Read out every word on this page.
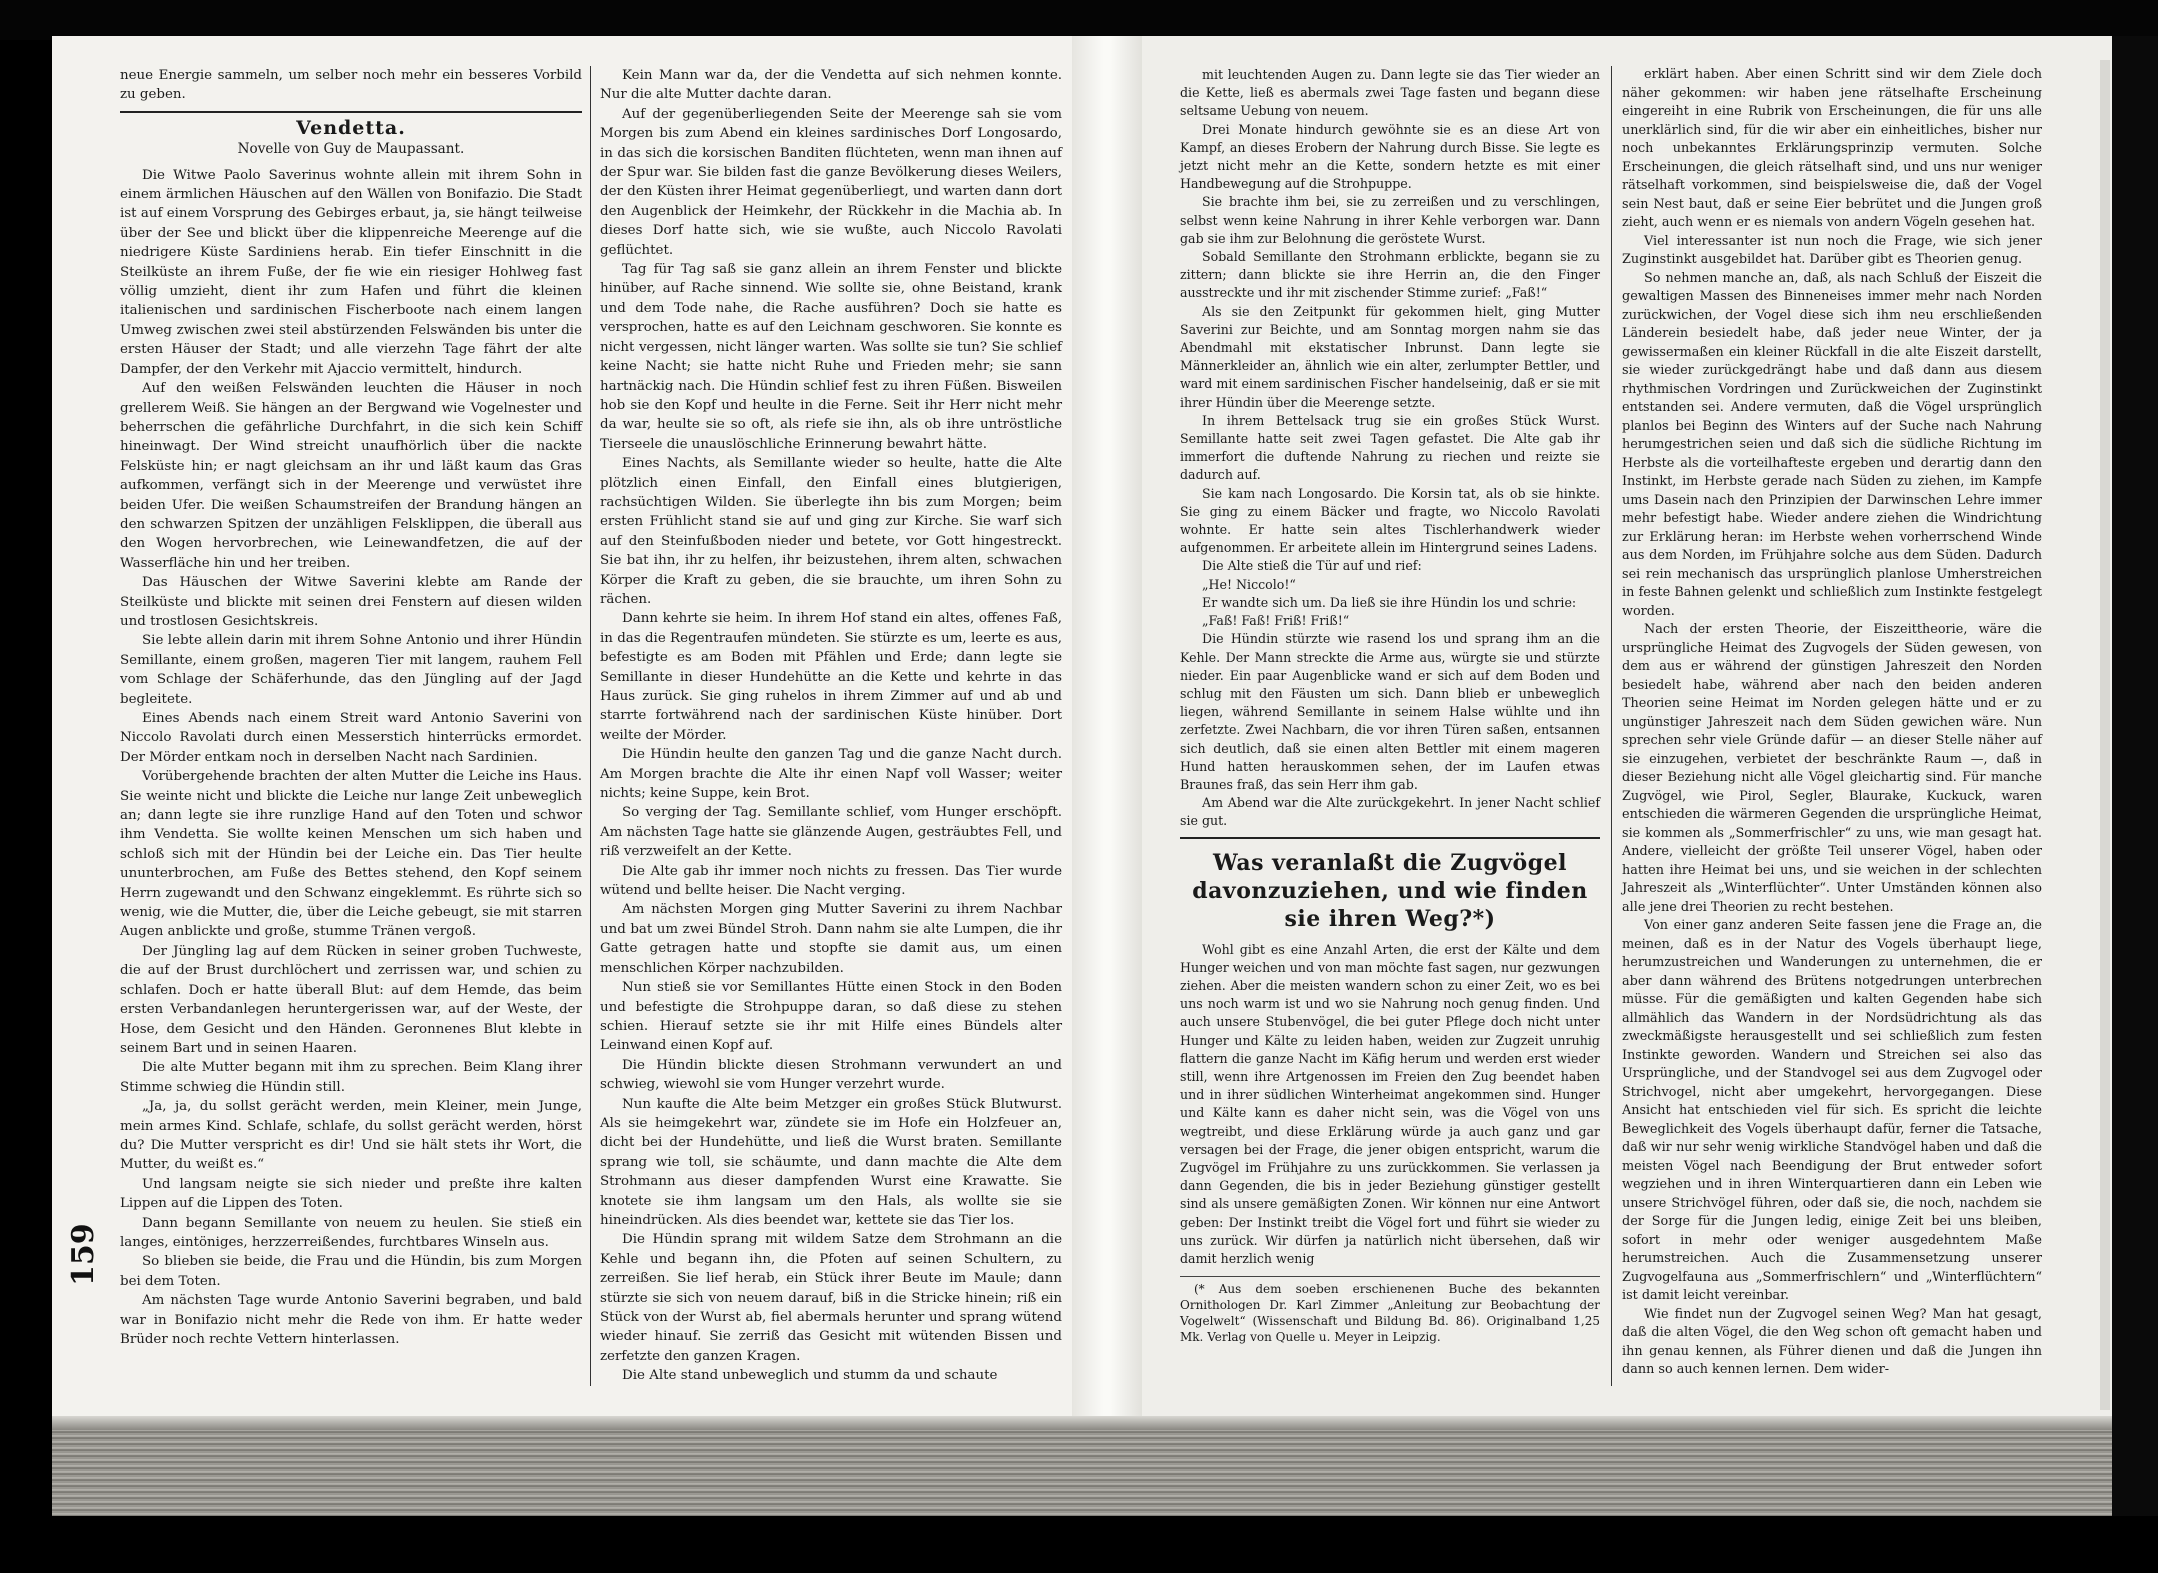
159

neue Energie sammeln, um selber noch mehr ein besseres Vorbild zu geben.

Vendetta.
Novelle von Guy de Maupassant.

Die Witwe Paolo Saverinus wohnte allein mit ihrem Sohn in einem ärmlichen Häuschen auf den Wällen von Bonifazio. Die Stadt ist auf einem Vorsprung des Gebirges erbaut, ja, sie hängt teilweise über der See und blickt über die klippenreiche Meerenge auf die niedrigere Küste Sardiniens herab. Ein tiefer Einschnitt in die Steilküste an ihrem Fuße, der fie wie ein riesiger Hohlweg fast völlig umzieht, dient ihr zum Hafen und führt die kleinen italienischen und sardinischen Fischerboote nach einem langen Umweg zwischen zwei steil abstürzenden Felswänden bis unter die ersten Häuser der Stadt; und alle vierzehn Tage fährt der alte Dampfer, der den Verkehr mit Ajaccio vermittelt, hindurch.

Auf den weißen Felswänden leuchten die Häuser in noch grellerem Weiß. Sie hängen an der Bergwand wie Vogelnester und beherrschen die gefährliche Durchfahrt, in die sich kein Schiff hineinwagt. Der Wind streicht unaufhörlich über die nackte Felsküste hin; er nagt gleichsam an ihr und läßt kaum das Gras aufkommen, verfängt sich in der Meerenge und verwüstet ihre beiden Ufer. Die weißen Schaumstreifen der Brandung hängen an den schwarzen Spitzen der unzähligen Felsklippen, die überall aus den Wogen hervorbrechen, wie Leinewandfetzen, die auf der Wasserfläche hin und her treiben.

Das Häuschen der Witwe Saverini klebte am Rande der Steilküste und blickte mit seinen drei Fenstern auf diesen wilden und trostlosen Gesichtskreis.

Sie lebte allein darin mit ihrem Sohne Antonio und ihrer Hündin Semillante, einem großen, mageren Tier mit langem, rauhem Fell vom Schlage der Schäferhunde, das den Jüngling auf der Jagd begleitete.

Eines Abends nach einem Streit ward Antonio Saverini von Niccolo Ravolati durch einen Messerstich hinterrücks ermordet. Der Mörder entkam noch in derselben Nacht nach Sardinien.

Vorübergehende brachten der alten Mutter die Leiche ins Haus. Sie weinte nicht und blickte die Leiche nur lange Zeit unbeweglich an; dann legte sie ihre runzlige Hand auf den Toten und schwor ihm Vendetta. Sie wollte keinen Menschen um sich haben und schloß sich mit der Hündin bei der Leiche ein. Das Tier heulte ununterbrochen, am Fuße des Bettes stehend, den Kopf seinem Herrn zugewandt und den Schwanz eingeklemmt. Es rührte sich so wenig, wie die Mutter, die, über die Leiche gebeugt, sie mit starren Augen anblickte und große, stumme Tränen vergoß.

Der Jüngling lag auf dem Rücken in seiner groben Tuchweste, die auf der Brust durchlöchert und zerrissen war, und schien zu schlafen. Doch er hatte überall Blut: auf dem Hemde, das beim ersten Verbandanlegen heruntergerissen war, auf der Weste, der Hose, dem Gesicht und den Händen. Geronnenes Blut klebte in seinem Bart und in seinen Haaren.

Die alte Mutter begann mit ihm zu sprechen. Beim Klang ihrer Stimme schwieg die Hündin still.

„Ja, ja, du sollst gerächt werden, mein Kleiner, mein Junge, mein armes Kind. Schlafe, schlafe, du sollst gerächt werden, hörst du? Die Mutter verspricht es dir! Und sie hält stets ihr Wort, die Mutter, du weißt es.“

Und langsam neigte sie sich nieder und preßte ihre kalten Lippen auf die Lippen des Toten.

Dann begann Semillante von neuem zu heulen. Sie stieß ein langes, eintöniges, herzzerreißendes, furchtbares Winseln aus.

So blieben sie beide, die Frau und die Hündin, bis zum Morgen bei dem Toten.

Am nächsten Tage wurde Antonio Saverini begraben, und bald war in Bonifazio nicht mehr die Rede von ihm. Er hatte weder Brüder noch rechte Vettern hinterlassen.

Kein Mann war da, der die Vendetta auf sich nehmen konnte. Nur die alte Mutter dachte daran.

Auf der gegenüberliegenden Seite der Meerenge sah sie vom Morgen bis zum Abend ein kleines sardinisches Dorf Longosardo, in das sich die korsischen Banditen flüchteten, wenn man ihnen auf der Spur war. Sie bilden fast die ganze Bevölkerung dieses Weilers, der den Küsten ihrer Heimat gegenüberliegt, und warten dann dort den Augenblick der Heimkehr, der Rückkehr in die Machia ab. In dieses Dorf hatte sich, wie sie wußte, auch Niccolo Ravolati geflüchtet.

Tag für Tag saß sie ganz allein an ihrem Fenster und blickte hinüber, auf Rache sinnend. Wie sollte sie, ohne Beistand, krank und dem Tode nahe, die Rache ausführen? Doch sie hatte es versprochen, hatte es auf den Leichnam geschworen. Sie konnte es nicht vergessen, nicht länger warten. Was sollte sie tun? Sie schlief keine Nacht; sie hatte nicht Ruhe und Frieden mehr; sie sann hartnäckig nach. Die Hündin schlief fest zu ihren Füßen. Bisweilen hob sie den Kopf und heulte in die Ferne. Seit ihr Herr nicht mehr da war, heulte sie so oft, als riefe sie ihn, als ob ihre untröstliche Tierseele die unauslöschliche Erinnerung bewahrt hätte.

Eines Nachts, als Semillante wieder so heulte, hatte die Alte plötzlich einen Einfall, den Einfall eines blutgierigen, rachsüchtigen Wilden. Sie überlegte ihn bis zum Morgen; beim ersten Frühlicht stand sie auf und ging zur Kirche. Sie warf sich auf den Steinfußboden nieder und betete, vor Gott hingestreckt. Sie bat ihn, ihr zu helfen, ihr beizustehen, ihrem alten, schwachen Körper die Kraft zu geben, die sie brauchte, um ihren Sohn zu rächen.

Dann kehrte sie heim. In ihrem Hof stand ein altes, offenes Faß, in das die Regentraufen mündeten. Sie stürzte es um, leerte es aus, befestigte es am Boden mit Pfählen und Erde; dann legte sie Semillante in dieser Hundehütte an die Kette und kehrte in das Haus zurück. Sie ging ruhelos in ihrem Zimmer auf und ab und starrte fortwährend nach der sardinischen Küste hinüber. Dort weilte der Mörder.

Die Hündin heulte den ganzen Tag und die ganze Nacht durch. Am Morgen brachte die Alte ihr einen Napf voll Wasser; weiter nichts; keine Suppe, kein Brot.

So verging der Tag. Semillante schlief, vom Hunger erschöpft. Am nächsten Tage hatte sie glänzende Augen, gesträubtes Fell, und riß verzweifelt an der Kette.

Die Alte gab ihr immer noch nichts zu fressen. Das Tier wurde wütend und bellte heiser. Die Nacht verging.

Am nächsten Morgen ging Mutter Saverini zu ihrem Nachbar und bat um zwei Bündel Stroh. Dann nahm sie alte Lumpen, die ihr Gatte getragen hatte und stopfte sie damit aus, um einen menschlichen Körper nachzubilden.

Nun stieß sie vor Semillantes Hütte einen Stock in den Boden und befestigte die Strohpuppe daran, so daß diese zu stehen schien. Hierauf setzte sie ihr mit Hilfe eines Bündels alter Leinwand einen Kopf auf.

Die Hündin blickte diesen Strohmann verwundert an und schwieg, wiewohl sie vom Hunger verzehrt wurde.

Nun kaufte die Alte beim Metzger ein großes Stück Blutwurst. Als sie heimgekehrt war, zündete sie im Hofe ein Holzfeuer an, dicht bei der Hundehütte, und ließ die Wurst braten. Semillante sprang wie toll, sie schäumte, und dann machte die Alte dem Strohmann aus dieser dampfenden Wurst eine Krawatte. Sie knotete sie ihm langsam um den Hals, als wollte sie sie hineindrücken. Als dies beendet war, kettete sie das Tier los.

Die Hündin sprang mit wildem Satze dem Strohmann an die Kehle und begann ihn, die Pfoten auf seinen Schultern, zu zerreißen. Sie lief herab, ein Stück ihrer Beute im Maule; dann stürzte sie sich von neuem darauf, biß in die Stricke hinein; riß ein Stück von der Wurst ab, fiel abermals herunter und sprang wütend wieder hinauf. Sie zerriß das Gesicht mit wütenden Bissen und zerfetzte den ganzen Kragen.

Die Alte stand unbeweglich und stumm da und schaute

mit leuchtenden Augen zu. Dann legte sie das Tier wieder an die Kette, ließ es abermals zwei Tage fasten und begann diese seltsame Uebung von neuem.

Drei Monate hindurch gewöhnte sie es an diese Art von Kampf, an dieses Erobern der Nahrung durch Bisse. Sie legte es jetzt nicht mehr an die Kette, sondern hetzte es mit einer Handbewegung auf die Strohpuppe.

Sie brachte ihm bei, sie zu zerreißen und zu verschlingen, selbst wenn keine Nahrung in ihrer Kehle verborgen war. Dann gab sie ihm zur Belohnung die geröstete Wurst.

Sobald Semillante den Strohmann erblickte, begann sie zu zittern; dann blickte sie ihre Herrin an, die den Finger ausstreckte und ihr mit zischender Stimme zurief: „Faß!“

Als sie den Zeitpunkt für gekommen hielt, ging Mutter Saverini zur Beichte, und am Sonntag morgen nahm sie das Abendmahl mit ekstatischer Inbrunst. Dann legte sie Männerkleider an, ähnlich wie ein alter, zerlumpter Bettler, und ward mit einem sardinischen Fischer handelseinig, daß er sie mit ihrer Hündin über die Meerenge setzte.

In ihrem Bettelsack trug sie ein großes Stück Wurst. Semillante hatte seit zwei Tagen gefastet. Die Alte gab ihr immerfort die duftende Nahrung zu riechen und reizte sie dadurch auf.

Sie kam nach Longosardo. Die Korsin tat, als ob sie hinkte. Sie ging zu einem Bäcker und fragte, wo Niccolo Ravolati wohnte. Er hatte sein altes Tischlerhandwerk wieder aufgenommen. Er arbeitete allein im Hintergrund seines Ladens.

Die Alte stieß die Tür auf und rief:

„He! Niccolo!“

Er wandte sich um. Da ließ sie ihre Hündin los und schrie:

„Faß! Faß! Friß! Friß!“

Die Hündin stürzte wie rasend los und sprang ihm an die Kehle. Der Mann streckte die Arme aus, würgte sie und stürzte nieder. Ein paar Augenblicke wand er sich auf dem Boden und schlug mit den Fäusten um sich. Dann blieb er unbeweglich liegen, während Semillante in seinem Halse wühlte und ihn zerfetzte. Zwei Nachbarn, die vor ihren Türen saßen, entsannen sich deutlich, daß sie einen alten Bettler mit einem mageren Hund hatten herauskommen sehen, der im Laufen etwas Braunes fraß, das sein Herr ihm gab.

Am Abend war die Alte zurückgekehrt. In jener Nacht schlief sie gut.

Was veranlaßt die Zugvögel davonzuziehen, und wie finden sie ihren Weg?*)

Wohl gibt es eine Anzahl Arten, die erst der Kälte und dem Hunger weichen und von man möchte fast sagen, nur gezwungen ziehen. Aber die meisten wandern schon zu einer Zeit, wo es bei uns noch warm ist und wo sie Nahrung noch genug finden. Und auch unsere Stubenvögel, die bei guter Pflege doch nicht unter Hunger und Kälte zu leiden haben, weiden zur Zugzeit unruhig flattern die ganze Nacht im Käfig herum und werden erst wieder still, wenn ihre Artgenossen im Freien den Zug beendet haben und in ihrer südlichen Winterheimat angekommen sind. Hunger und Kälte kann es daher nicht sein, was die Vögel von uns wegtreibt, und diese Erklärung würde ja auch ganz und gar versagen bei der Frage, die jener obigen entspricht, warum die Zugvögel im Frühjahre zu uns zurückkommen. Sie verlassen ja dann Gegenden, die bis in jeder Beziehung günstiger gestellt sind als unsere gemäßigten Zonen. Wir können nur eine Antwort geben: Der Instinkt treibt die Vögel fort und führt sie wieder zu uns zurück. Wir dürfen ja natürlich nicht übersehen, daß wir damit herzlich wenig

(* Aus dem soeben erschienenen Buche des bekannten Ornithologen Dr. Karl Zimmer „Anleitung zur Beobachtung der Vogelwelt“ (Wissenschaft und Bildung Bd. 86). Originalband 1,25 Mk. Verlag von Quelle u. Meyer in Leipzig.

erklärt haben. Aber einen Schritt sind wir dem Ziele doch näher gekommen: wir haben jene rätselhafte Erscheinung eingereiht in eine Rubrik von Erscheinungen, die für uns alle unerklärlich sind, für die wir aber ein einheitliches, bisher nur noch unbekanntes Erklärungsprinzip vermuten. Solche Erscheinungen, die gleich rätselhaft sind, und uns nur weniger rätselhaft vorkommen, sind beispielsweise die, daß der Vogel sein Nest baut, daß er seine Eier bebrütet und die Jungen groß zieht, auch wenn er es niemals von andern Vögeln gesehen hat.

Viel interessanter ist nun noch die Frage, wie sich jener Zuginstinkt ausgebildet hat. Darüber gibt es Theorien genug.

So nehmen manche an, daß, als nach Schluß der Eiszeit die gewaltigen Massen des Binneneises immer mehr nach Norden zurückwichen, der Vogel diese sich ihm neu erschließenden Länderein besiedelt habe, daß jeder neue Winter, der ja gewissermaßen ein kleiner Rückfall in die alte Eiszeit darstellt, sie wieder zurückgedrängt habe und daß dann aus diesem rhythmischen Vordringen und Zurückweichen der Zuginstinkt entstanden sei. Andere vermuten, daß die Vögel ursprünglich planlos bei Beginn des Winters auf der Suche nach Nahrung herumgestrichen seien und daß sich die südliche Richtung im Herbste als die vorteilhafteste ergeben und derartig dann den Instinkt, im Herbste gerade nach Süden zu ziehen, im Kampfe ums Dasein nach den Prinzipien der Darwinschen Lehre immer mehr befestigt habe. Wieder andere ziehen die Windrichtung zur Erklärung heran: im Herbste wehen vorherrschend Winde aus dem Norden, im Frühjahre solche aus dem Süden. Dadurch sei rein mechanisch das ursprünglich planlose Umherstreichen in feste Bahnen gelenkt und schließlich zum Instinkte festgelegt worden.

Nach der ersten Theorie, der Eiszeittheorie, wäre die ursprüngliche Heimat des Zugvogels der Süden gewesen, von dem aus er während der günstigen Jahreszeit den Norden besiedelt habe, während aber nach den beiden anderen Theorien seine Heimat im Norden gelegen hätte und er zu ungünstiger Jahreszeit nach dem Süden gewichen wäre. Nun sprechen sehr viele Gründe dafür — an dieser Stelle näher auf sie einzugehen, verbietet der beschränkte Raum —, daß in dieser Beziehung nicht alle Vögel gleichartig sind. Für manche Zugvögel, wie Pirol, Segler, Blaurake, Kuckuck, waren entschieden die wärmeren Gegenden die ursprüngliche Heimat, sie kommen als „Sommerfrischler“ zu uns, wie man gesagt hat. Andere, vielleicht der größte Teil unserer Vögel, haben oder hatten ihre Heimat bei uns, und sie weichen in der schlechten Jahreszeit als „Winterflüchter“. Unter Umständen können also alle jene drei Theorien zu recht bestehen.

Von einer ganz anderen Seite fassen jene die Frage an, die meinen, daß es in der Natur des Vogels überhaupt liege, herumzustreichen und Wanderungen zu unternehmen, die er aber dann während des Brütens notgedrungen unterbrechen müsse. Für die gemäßigten und kalten Gegenden habe sich allmählich das Wandern in der Nordsüdrichtung als das zweckmäßigste herausgestellt und sei schließlich zum festen Instinkte geworden. Wandern und Streichen sei also das Ursprüngliche, und der Standvogel sei aus dem Zugvogel oder Strichvogel, nicht aber umgekehrt, hervorgegangen. Diese Ansicht hat entschieden viel für sich. Es spricht die leichte Beweglichkeit des Vogels überhaupt dafür, ferner die Tatsache, daß wir nur sehr wenig wirkliche Standvögel haben und daß die meisten Vögel nach Beendigung der Brut entweder sofort wegziehen und in ihren Winterquartieren dann ein Leben wie unsere Strichvögel führen, oder daß sie, die noch, nachdem sie der Sorge für die Jungen ledig, einige Zeit bei uns bleiben, sofort in mehr oder weniger ausgedehntem Maße herumstreichen. Auch die Zusammensetzung unserer Zugvogelfauna aus „Sommerfrischlern“ und „Winterflüchtern“ ist damit leicht vereinbar.

Wie findet nun der Zugvogel seinen Weg? Man hat gesagt, daß die alten Vögel, die den Weg schon oft gemacht haben und ihn genau kennen, als Führer dienen und daß die Jungen ihn dann so auch kennen lernen. Dem wider-
